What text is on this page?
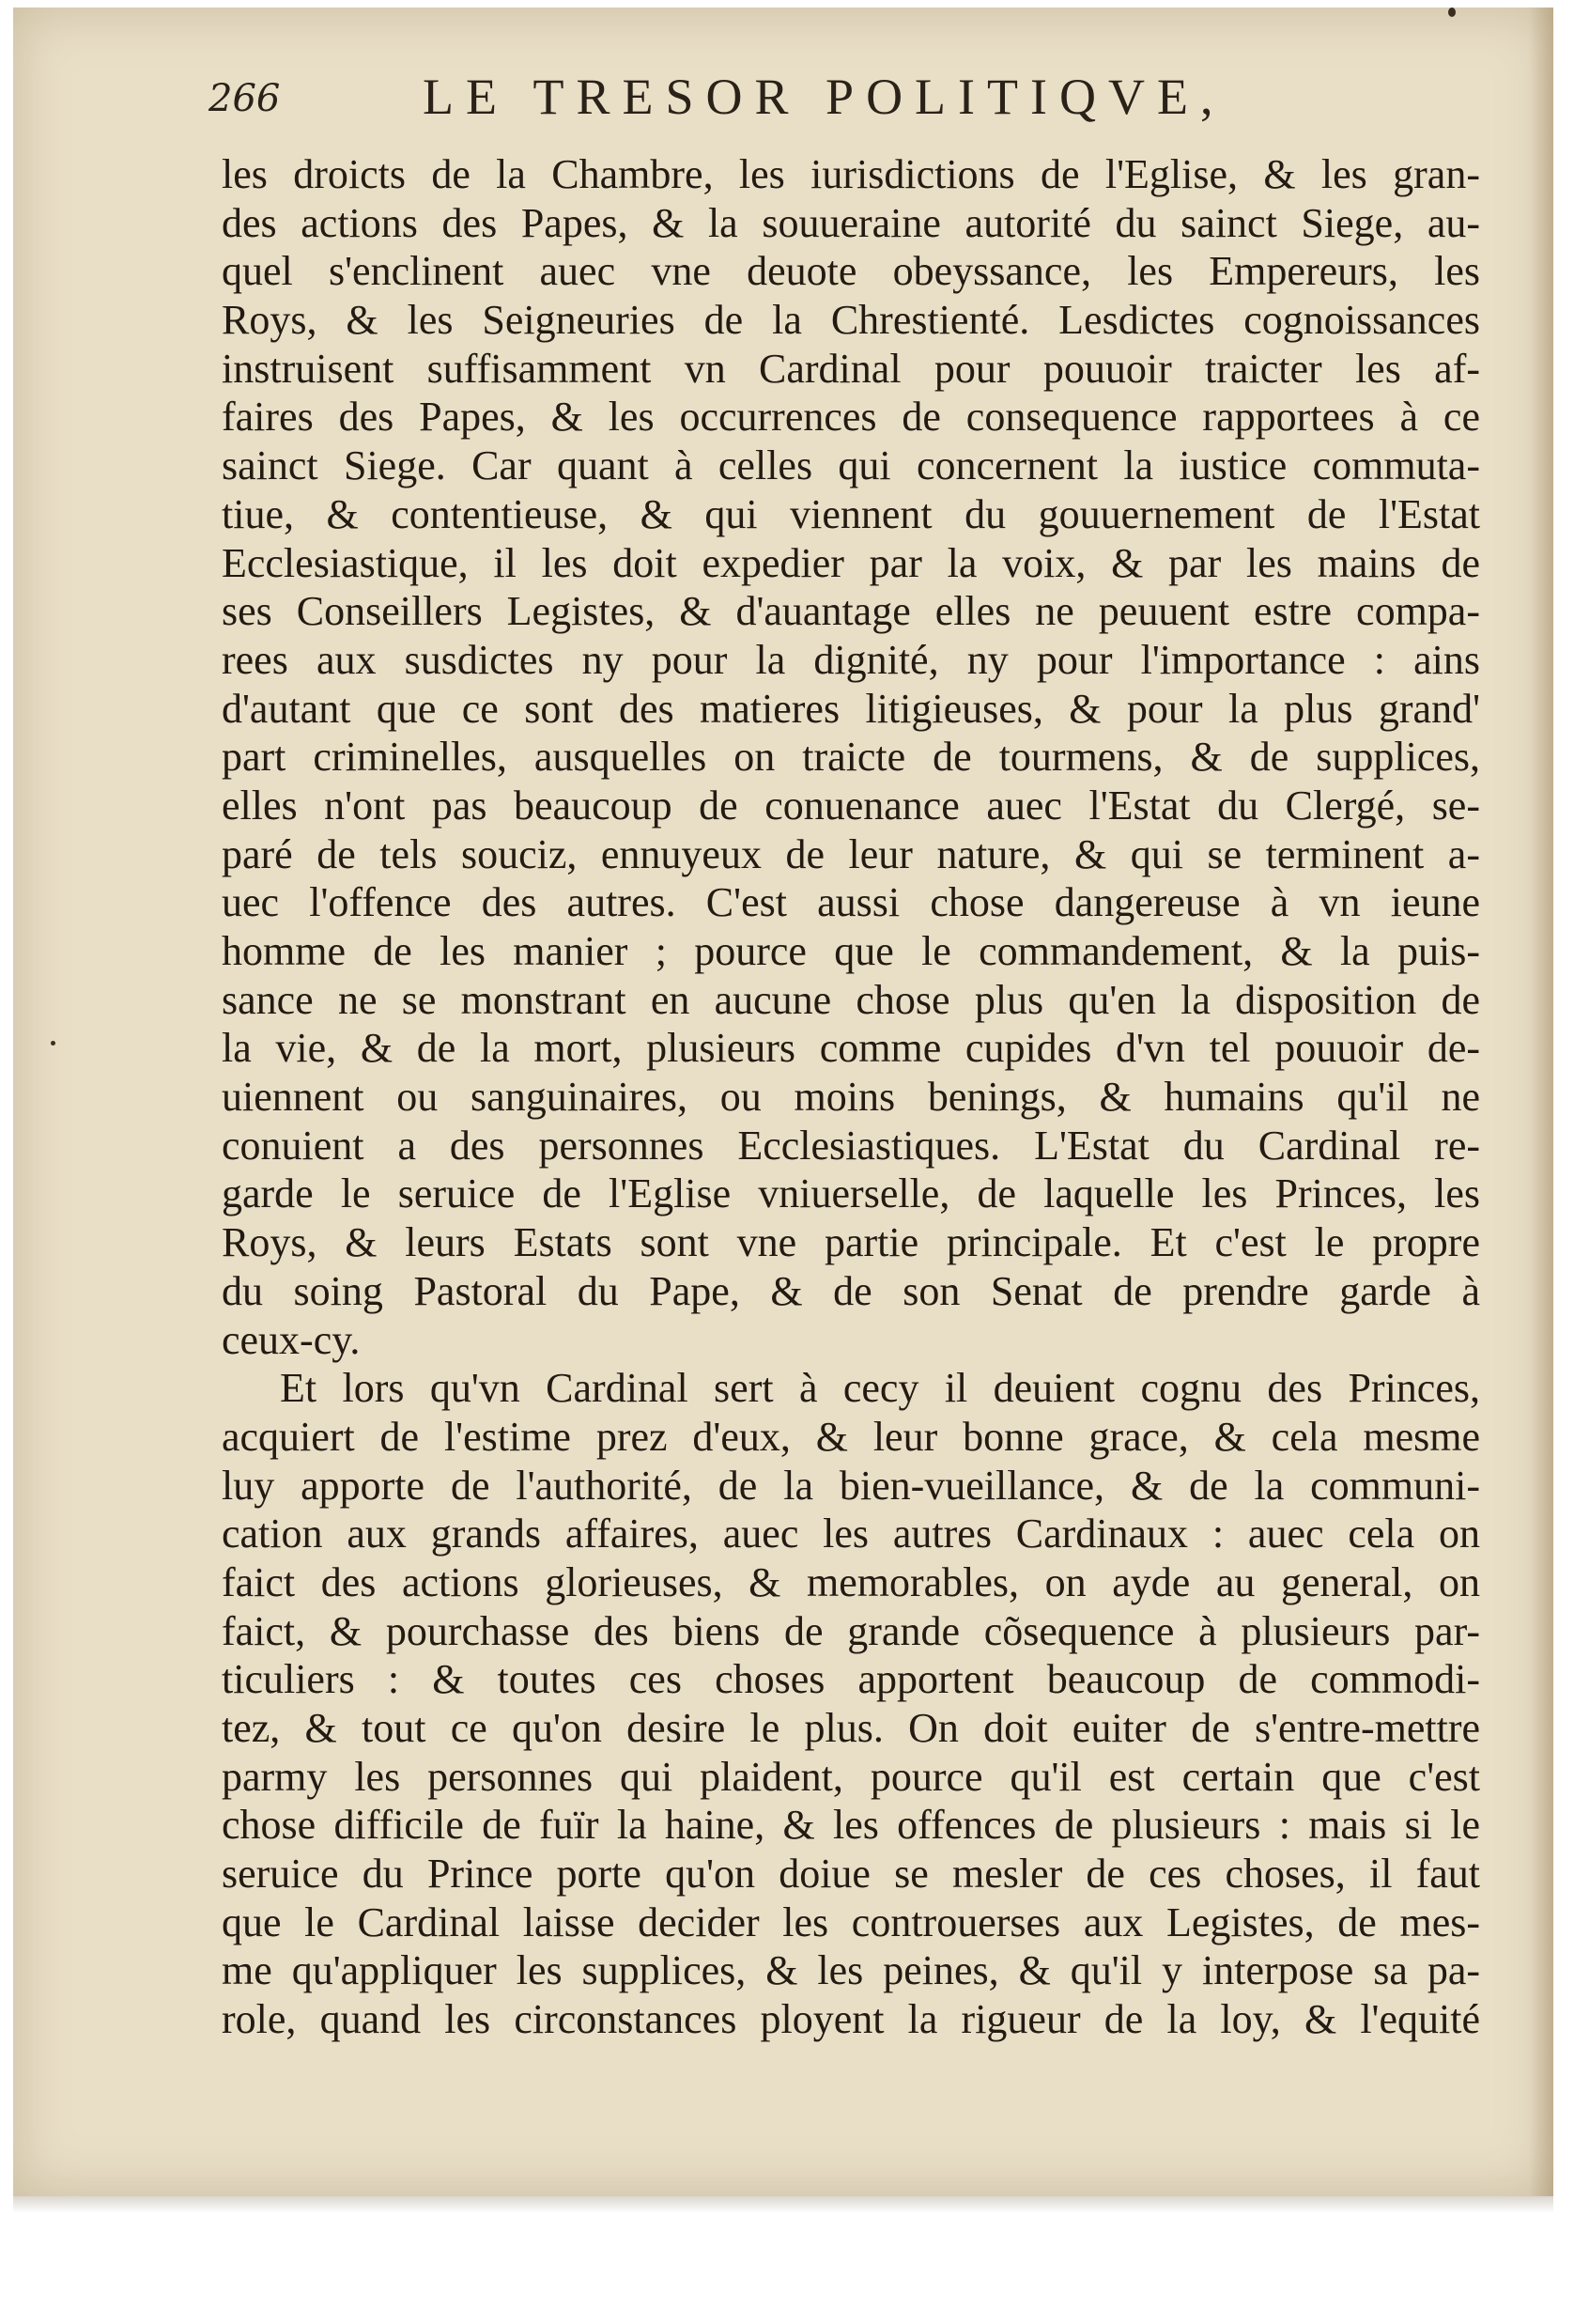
266	LE TRESOR POLITIQVE,
les droicts de la Chambre, les iurisdictions de l'Eglise, & les gran-
des actions des Papes, & la souueraine autorité du sainct Siege, au-
quel s'enclinent auec vne deuote obeyssance, les Empereurs, les
Roys, & les Seigneuries de la Chrestienté. Lesdictes cognoissances
instruisent suffisamment vn Cardinal pour pouuoir traicter les af-
faires des Papes, & les occurrences de consequence rapportees à ce
sainct Siege. Car quant à celles qui concernent la iustice commuta-
tiue, & contentieuse, & qui viennent du gouuernement de l'Estat
Ecclesiastique, il les doit expedier par la voix, & par les mains de
ses Conseillers Legistes, & d'auantage elles ne peuuent estre compa-
rees aux susdictes ny pour la dignité, ny pour l'importance : ains
d'autant que ce sont des matieres litigieuses, & pour la plus grand'
part criminelles, ausquelles on traicte de tourmens, & de supplices,
elles n'ont pas beaucoup de conuenance auec l'Estat du Clergé, se-
paré de tels souciz, ennuyeux de leur nature, & qui se terminent a-
uec l'offence des autres. C'est aussi chose dangereuse à vn ieune
homme de les manier ; pource que le commandement, & la puis-
sance ne se monstrant en aucune chose plus qu'en la disposition de
la vie, & de la mort, plusieurs comme cupides d'vn tel pouuoir de-
uiennent ou sanguinaires, ou moins benings, & humains qu'il ne
conuient a des personnes Ecclesiastiques. L'Estat du Cardinal re-
garde le seruice de l'Eglise vniuerselle, de laquelle les Princes, les
Roys, & leurs Estats sont vne partie principale. Et c'est le propre
du soing Pastoral du Pape, & de son Senat de prendre garde à
ceux-cy.
Et lors qu'vn Cardinal sert à cecy il deuient cognu des Princes,
acquiert de l'estime prez d'eux, & leur bonne grace, & cela mesme
luy apporte de l'authorité, de la bien-vueillance, & de la communi-
cation aux grands affaires, auec les autres Cardinaux : auec cela on
faict des actions glorieuses, & memorables, on ayde au general, on
faict, & pourchasse des biens de grande cõsequence à plusieurs par-
ticuliers : & toutes ces choses apportent beaucoup de commodi-
tez, & tout ce qu'on desire le plus. On doit euiter de s'entre-mettre
parmy les personnes qui plaident, pource qu'il est certain que c'est
chose difficile de fuïr la haine, & les offences de plusieurs : mais si le
seruice du Prince porte qu'on doiue se mesler de ces choses, il faut
que le Cardinal laisse decider les controuerses aux Legistes, de mes-
me qu'appliquer les supplices, & les peines, & qu'il y interpose sa pa-
role, quand les circonstances ployent la rigueur de la loy, & l'equité
